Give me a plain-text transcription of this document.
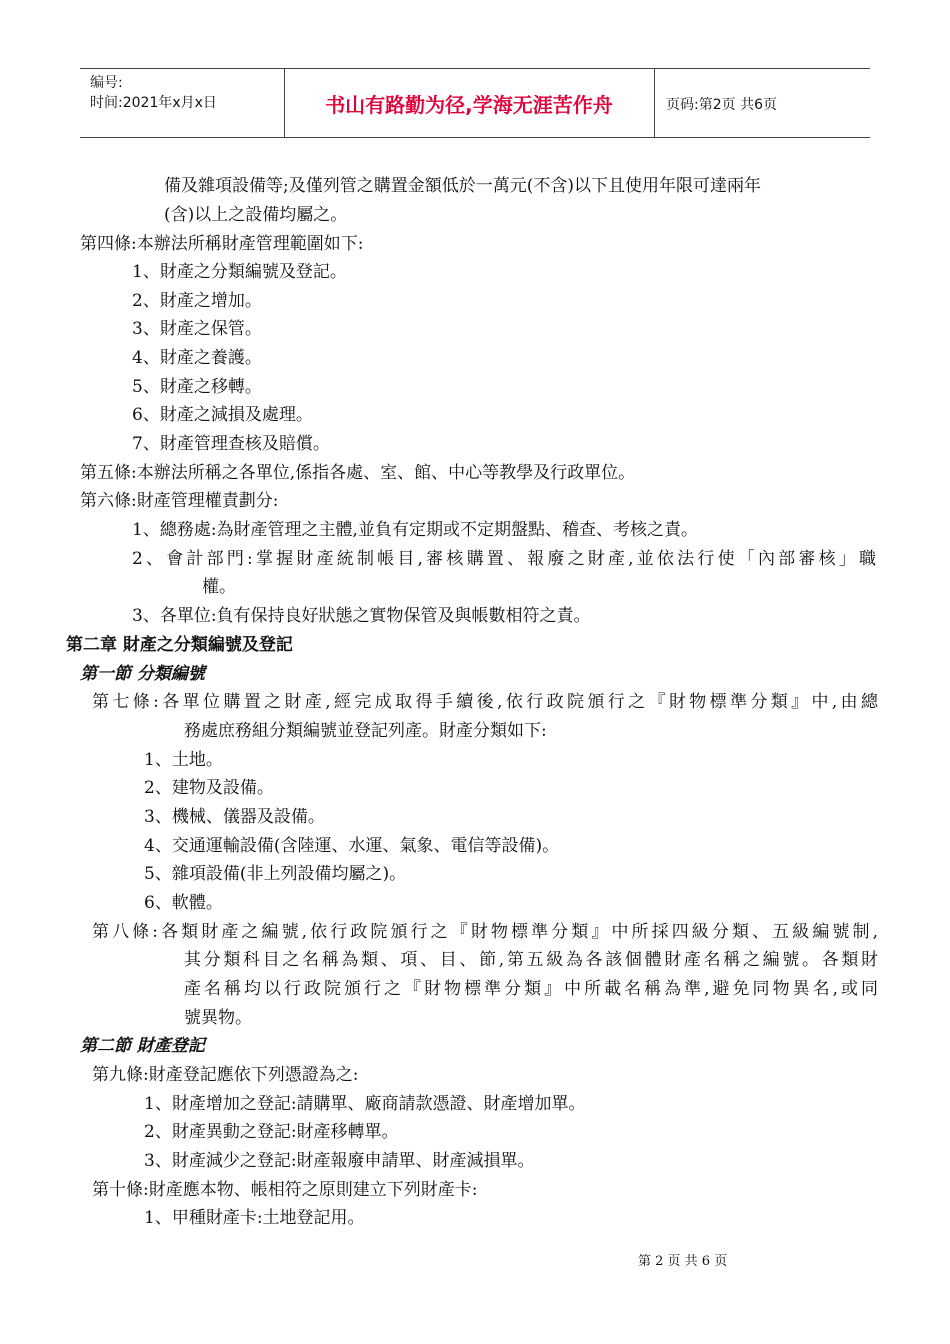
编号:
时间:2021年x月x日	书山有路勤为径,学海无涯苦作舟	页码:第2页 共6页
備及雜項設備等;及僅列管之購置金額低於一萬元(不含)以下且使用年限可達兩年
(含)以上之設備均屬之。
第四條:本辦法所稱財產管理範圍如下:
1、財產之分類編號及登記。
2、財產之增加。
3、財產之保管。
4、財產之養護。
5、財產之移轉。
6、財產之減損及處理。
7、財產管理查核及賠償。
第五條:本辦法所稱之各單位,係指各處、室、館、中心等教學及行政單位。
第六條:財產管理權責劃分:
1、總務處:為財產管理之主體,並負有定期或不定期盤點、稽查、考核之責。
2、會計部門:掌握財產統制帳目,審核購置、報廢之財產,並依法行使「內部審核」職
權。
3、各單位:負有保持良好狀態之實物保管及與帳數相符之責。
第二章 財產之分類編號及登記
第一節 分類編號
第七條:各單位購置之財產,經完成取得手續後,依行政院頒行之『財物標準分類』中,由總
務處庶務組分類編號並登記列產。財產分類如下:
1、土地。
2、建物及設備。
3、機械、儀器及設備。
4、交通運輸設備(含陸運、水運、氣象、電信等設備)。
5、雜項設備(非上列設備均屬之)。
6、軟體。
第八條:各類財產之編號,依行政院頒行之『財物標準分類』中所採四級分類、五級編號制,
其分類科目之名稱為類、項、目、節,第五級為各該個體財產名稱之編號。各類財
產名稱均以行政院頒行之『財物標準分類』中所載名稱為準,避免同物異名,或同
號異物。
第二節 財產登記
第九條:財產登記應依下列憑證為之:
1、財產增加之登記:請購單、廠商請款憑證、財產增加單。
2、財產異動之登記:財產移轉單。
3、財產減少之登記:財產報廢申請單、財產減損單。
第十條:財產應本物、帳相符之原則建立下列財產卡:
1、甲種財產卡:土地登記用。
第 2 页 共 6 页
